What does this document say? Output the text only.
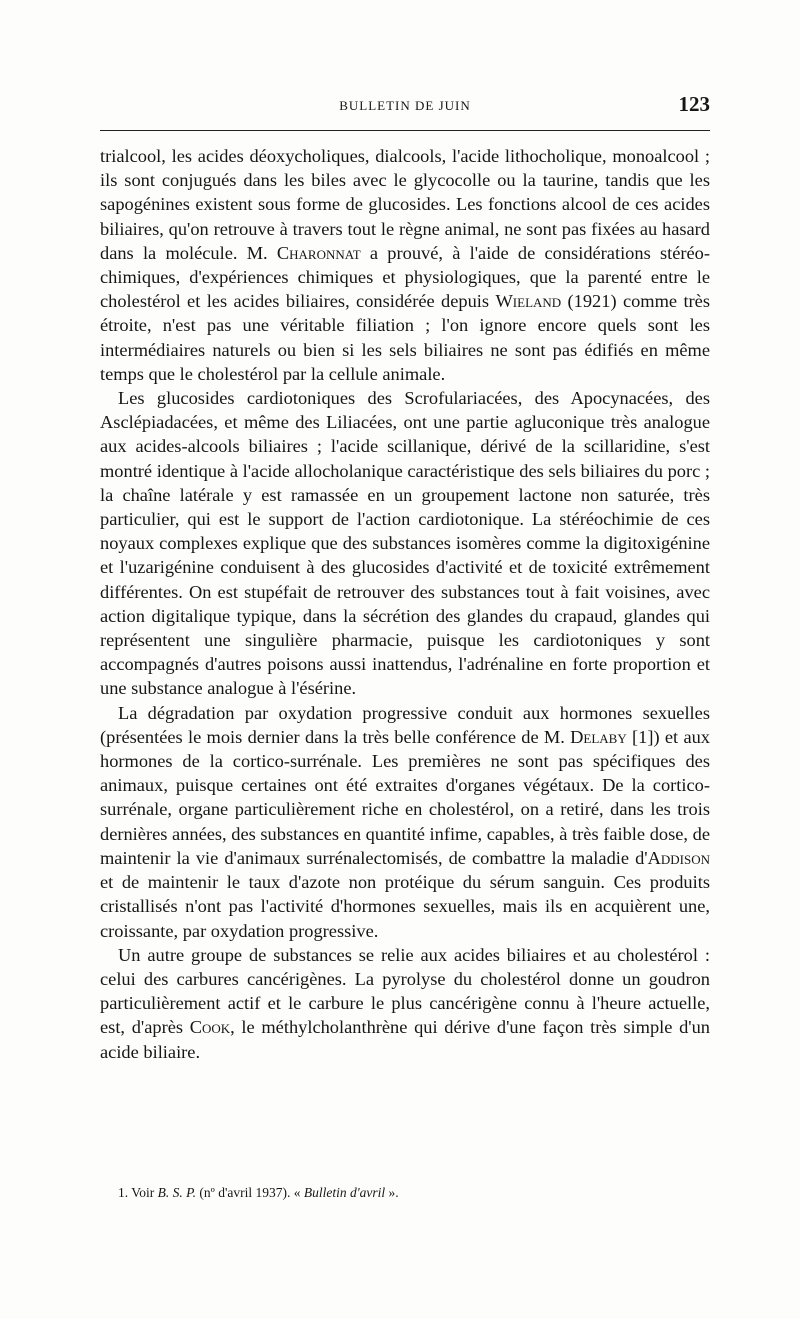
BULLETIN DE JUIN	123

trialcool, les acides déoxycholiques, dialcools, l'acide lithocholique, monoalcool ; ils sont conjugués dans les biles avec le glycocolle ou la taurine, tandis que les sapogénines existent sous forme de glucosides. Les fonctions alcool de ces acides biliaires, qu'on retrouve à travers tout le règne animal, ne sont pas fixées au hasard dans la molécule. M. Charonnat a prouvé, à l'aide de considérations stéréochimiques, d'expériences chimiques et physiologiques, que la parenté entre le cholestérol et les acides biliaires, considérée depuis Wieland (1921) comme très étroite, n'est pas une véritable filiation ; l'on ignore encore quels sont les intermédiaires naturels ou bien si les sels biliaires ne sont pas édifiés en même temps que le cholestérol par la cellule animale.

Les glucosides cardiotoniques des Scrofulariacées, des Apocynacées, des Asclépiadacées, et même des Liliacées, ont une partie agluconique très analogue aux acides-alcools biliaires ; l'acide scillanique, dérivé de la scillaridine, s'est montré identique à l'acide allocholanique caractéristique des sels biliaires du porc ; la chaîne latérale y est ramassée en un groupement lactone non saturée, très particulier, qui est le support de l'action cardiotonique. La stéréochimie de ces noyaux complexes explique que des substances isomères comme la digitoxigénine et l'uzarigénine conduisent à des glucosides d'activité et de toxicité extrêmement différentes. On est stupéfait de retrouver des substances tout à fait voisines, avec action digitalique typique, dans la sécrétion des glandes du crapaud, glandes qui représentent une singulière pharmacie, puisque les cardiotoniques y sont accompagnés d'autres poisons aussi inattendus, l'adrénaline en forte proportion et une substance analogue à l'ésérine.

La dégradation par oxydation progressive conduit aux hormones sexuelles (présentées le mois dernier dans la très belle conférence de M. Delaby [1]) et aux hormones de la cortico-surrénale. Les premières ne sont pas spécifiques des animaux, puisque certaines ont été extraites d'organes végétaux. De la cortico-surrénale, organe particulièrement riche en cholestérol, on a retiré, dans les trois dernières années, des substances en quantité infime, capables, à très faible dose, de maintenir la vie d'animaux surrénalectomisés, de combattre la maladie d'Addison et de maintenir le taux d'azote non protéique du sérum sanguin. Ces produits cristallisés n'ont pas l'activité d'hormones sexuelles, mais ils en acquièrent une, croissante, par oxydation progressive.

Un autre groupe de substances se relie aux acides biliaires et au cholestérol : celui des carbures cancérigènes. La pyrolyse du cholestérol donne un goudron particulièrement actif et le carbure le plus cancérigène connu à l'heure actuelle, est, d'après Cook, le méthylcholanthrène qui dérive d'une façon très simple d'un acide biliaire.

1. Voir B. S. P. (nº d'avril 1937). « Bulletin d'avril ».
